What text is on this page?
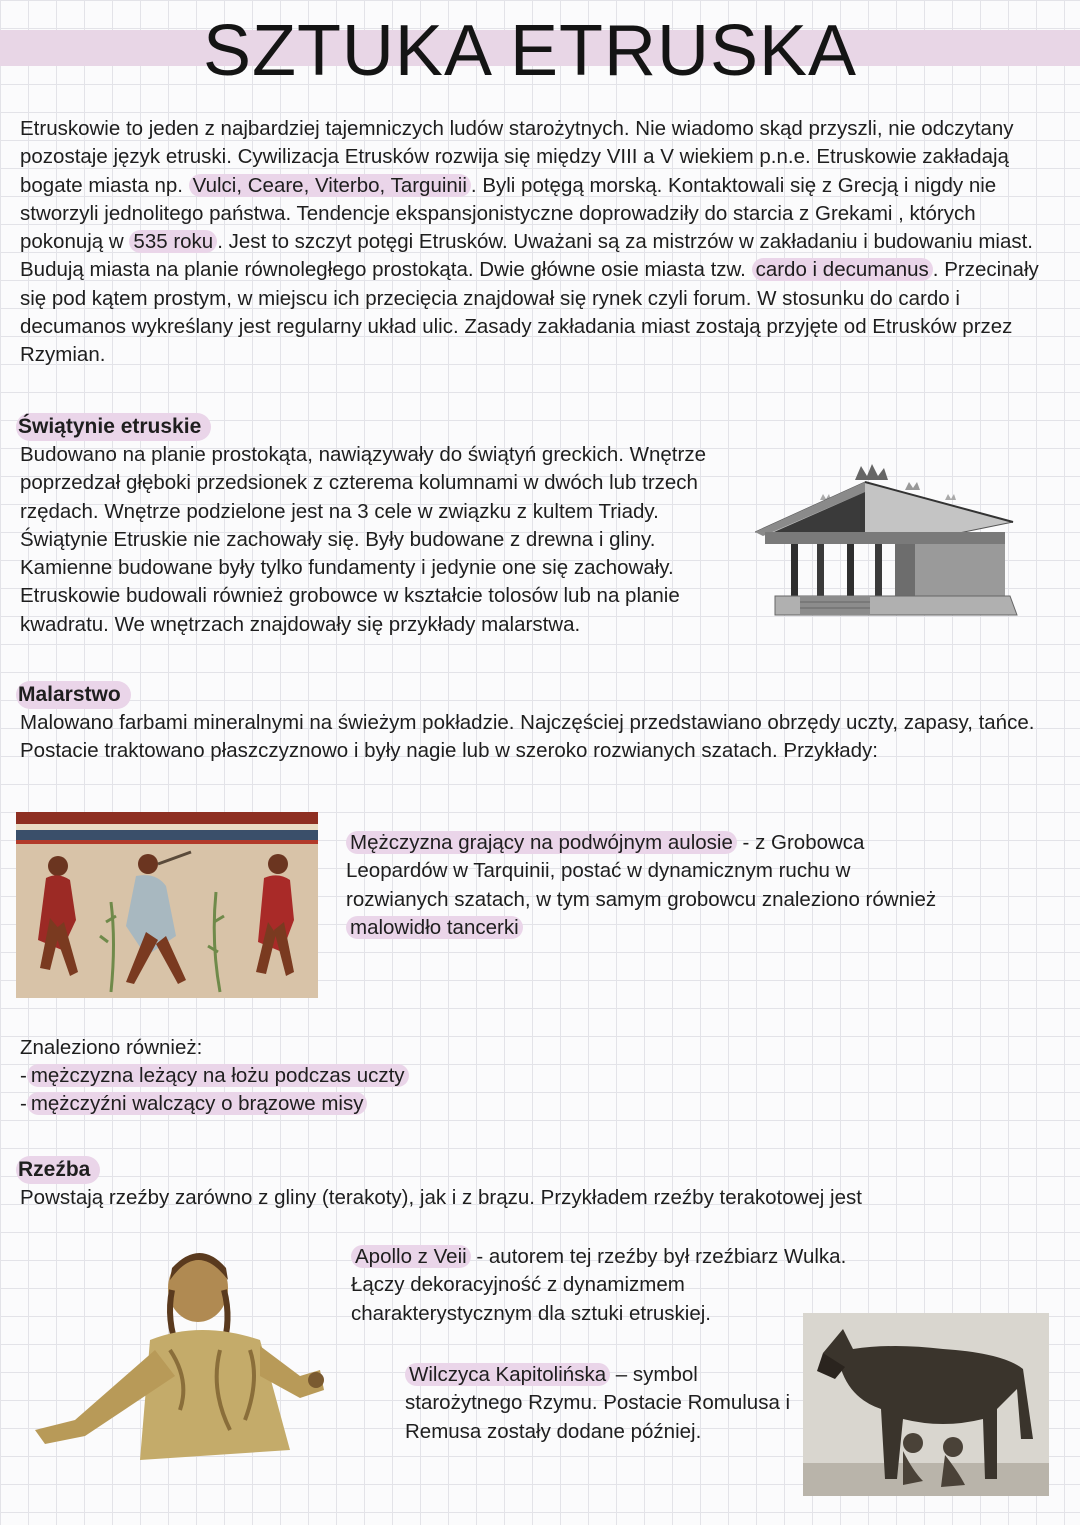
SZTUKA ETRUSKA

Etruskowie to jeden z najbardziej tajemniczych ludów starożytnych. Nie wiadomo skąd przyszli, nie odczytany pozostaje język etruski. Cywilizacja Etrusków rozwija się między VIII a V wiekiem p.n.e. Etruskowie zakładają bogate miasta np. Vulci, Ceare, Viterbo, Targuinii . Byli potęgą morską. Kontaktowali się z Grecją i nigdy nie stworzyli jednolitego państwa. Tendencje ekspansjonistyczne doprowadziły do starcia z Grekami , których pokonują w 535 roku . Jest to szczyt potęgi Etrusków. Uważani są za mistrzów w zakładaniu i budowaniu miast. Budują miasta na planie równoległego prostokąta. Dwie główne osie miasta tzw. cardo i decumanus . Przecinały się pod kątem prostym, w miejscu ich przecięcia znajdował się rynek czyli forum. W stosunku do cardo i decumanos wykreślany jest regularny układ ulic. Zasady zakładania miast zostają przyjęte od Etrusków przez Rzymian.

Świątynie etruskie

Budowano na planie prostokąta, nawiązywały do świątyń greckich. Wnętrze poprzedzał głęboki przedsionek z czterema kolumnami w dwóch lub trzech rzędach. Wnętrze podzielone jest na 3 cele w związku z kultem Triady. Świątynie Etruskie nie zachowały się. Były budowane z drewna i gliny. Kamienne budowane były tylko fundamenty i jedynie one się zachowały. Etruskowie budowali również grobowce w kształcie tolosów lub na planie kwadratu. We wnętrzach znajdowały się przykłady malarstwa.

Malarstwo

Malowano farbami mineralnymi na świeżym pokładzie. Najczęściej przedstawiano obrzędy uczty, zapasy, tańce. Postacie traktowano płaszczyznowo i były nagie lub w szeroko rozwianych szatach. Przykłady:

Mężczyzna grający na podwójnym aulosie - z Grobowca Leopardów w Tarquinii, postać w dynamicznym ruchu w rozwianych szatach, w tym samym grobowcu znaleziono również malowidło tancerki

Znaleziono również:

- mężczyzna leżący na łożu podczas uczty

- mężczyźni walczący o brązowe misy

Rzeźba

Powstają rzeźby zarówno z gliny (terakoty), jak i z brązu. Przykładem rzeźby terakotowej jest

Apollo z Veii - autorem tej rzeźby był rzeźbiarz Wulka. Łączy dekoracyjność z dynamizmem charakterystycznym dla sztuki etruskiej.

Wilczyca Kapitolińska – symbol starożytnego Rzymu. Postacie Romulusa i Remusa zostały dodane później.
